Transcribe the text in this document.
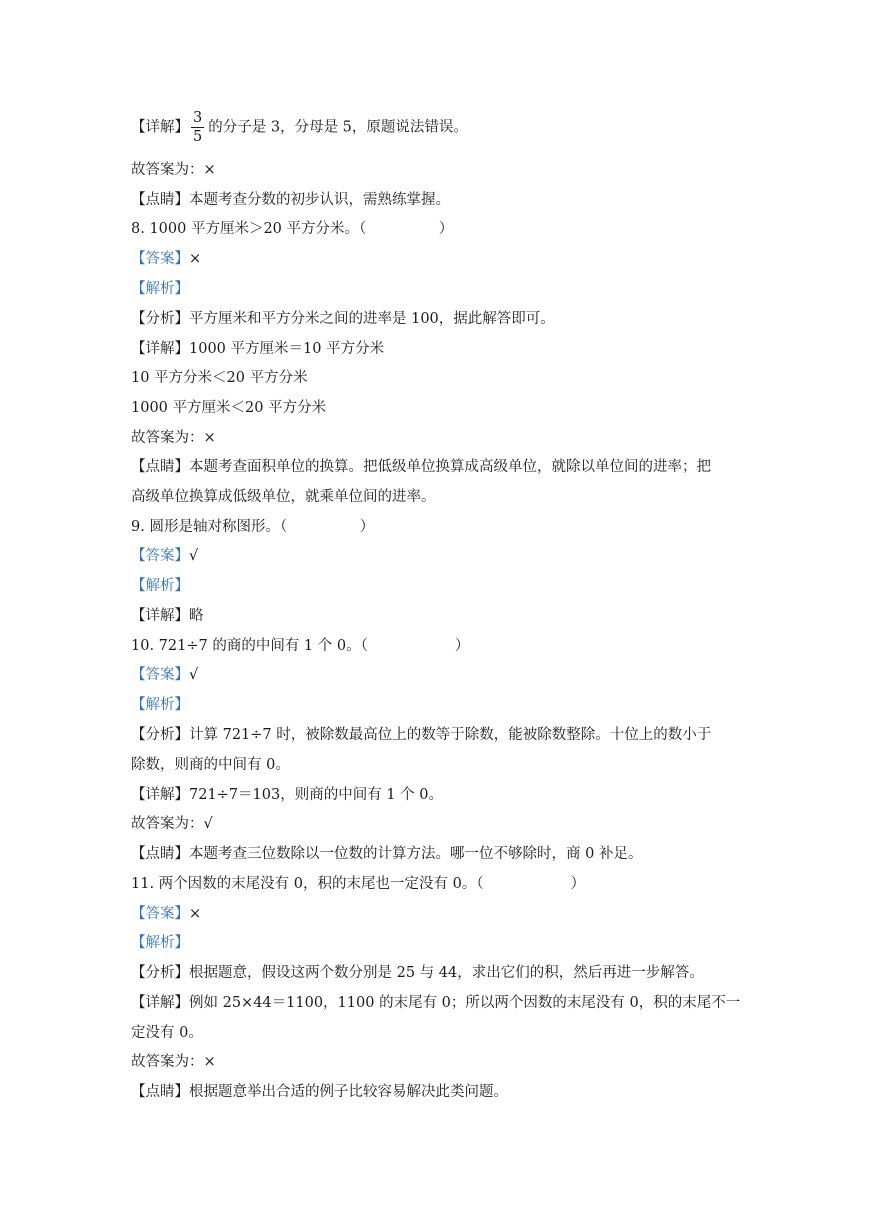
【详解】 $\frac{3}{5}$ 的分子是 3，分母是 5，原题说法错误。
故答案为：×
【点睛】本题考查分数的初步认识，需熟练掌握。
8. 1000 平方厘米＞20 平方分米。（　　　　　）
【答案】×
【解析】
【分析】平方厘米和平方分米之间的进率是 100，据此解答即可。
【详解】1000 平方厘米＝10 平方分米
10 平方分米＜20 平方分米
1000 平方厘米＜20 平方分米
故答案为：×
【点睛】本题考查面积单位的换算。把低级单位换算成高级单位，就除以单位间的进率；把
高级单位换算成低级单位，就乘单位间的进率。
9. 圆形是轴对称图形。（　　　　　）
【答案】√
【解析】
【详解】略
10. 721÷7 的商的中间有 1 个 0。（　　　　　　）
【答案】√
【解析】
【分析】计算 721÷7 时，被除数最高位上的数等于除数，能被除数整除。十位上的数小于
除数，则商的中间有 0。
【详解】721÷7＝103，则商的中间有 1 个 0。
故答案为：√
【点睛】本题考查三位数除以一位数的计算方法。哪一位不够除时，商 0 补足。
11. 两个因数的末尾没有 0，积的末尾也一定没有 0。（　　　　　　）
【答案】×
【解析】
【分析】根据题意，假设这两个数分别是 25 与 44，求出它们的积，然后再进一步解答。
【详解】例如 25×44＝1100，1100 的末尾有 0；所以两个因数的末尾没有 0，积的末尾不一
定没有 0。
故答案为：×
【点睛】根据题意举出合适的例子比较容易解决此类问题。
